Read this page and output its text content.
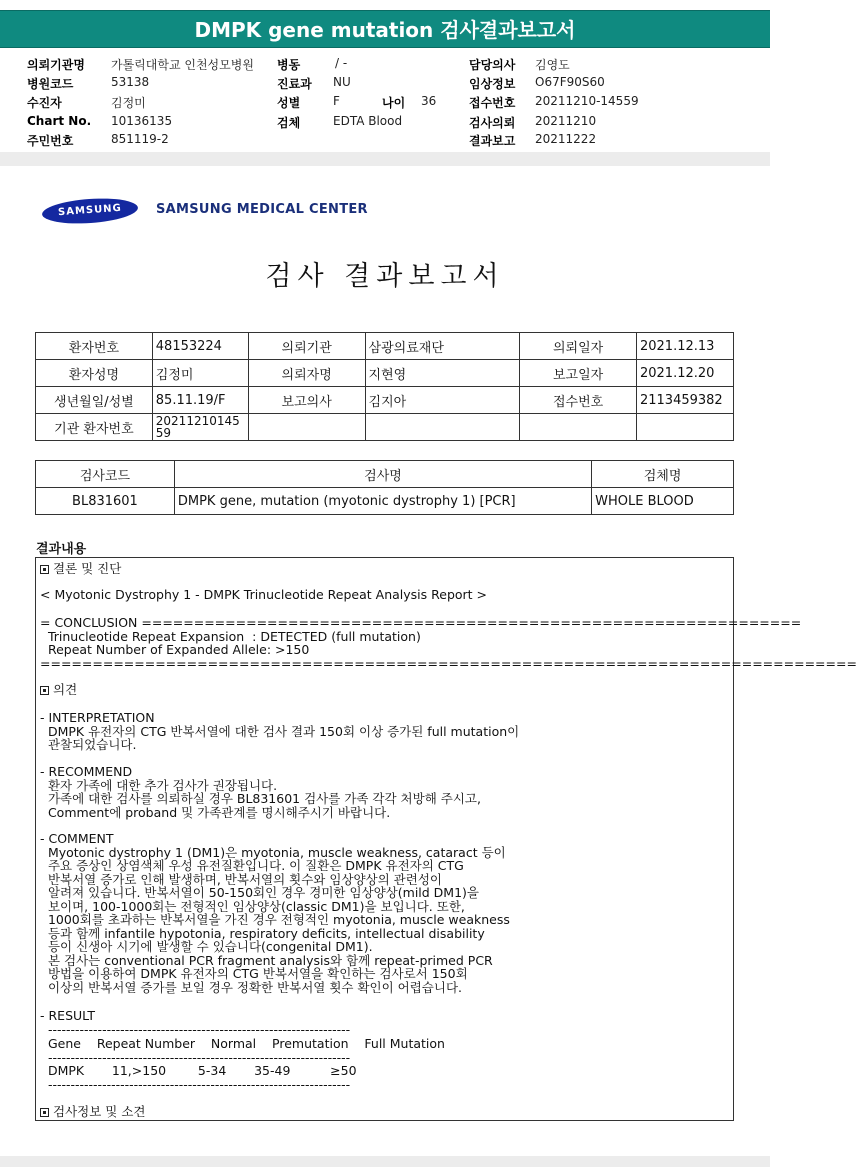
DMPK gene mutation 검사결과보고서
의뢰기관명 가톨릭대학교 인천성모병원 병동	/ -	담당의사 김영도
병원코드	53138	진료과 NU	임상정보 O67F90S60
수진자	김정미	성별	F	나이 36	접수번호 20211210-14559
Chart No. 10136135	검체	EDTA Blood	검사의뢰 20211210
주민번호	851119-2	결과보고 20211222
SAMSUNG	SAMSUNG MEDICAL CENTER
검사 결과보고서
환자번호	48153224	의뢰기관	삼광의료재단	의뢰일자	2021.12.13
환자성명	김정미	의뢰자명	지현영	보고일자	2021.12.20
생년월일/성별	85.11.19/F	보고의사	김지아	접수번호	2113459382
기관 환자번호	20211210145
59				
검사코드	검사명	검체명
BL831601	DMPK gene, mutation (myotonic dystrophy 1) [PCR]	WHOLE BLOOD
결과내용
결론 및 진단
< Myotonic Dystrophy 1 - DMPK Trinucleotide Repeat Analysis Report >
= CONCLUSION ===============================================================
Trinucleotide Repeat Expansion  : DETECTED (full mutation)
Repeat Number of Expanded Allele: >150
==============================================================================
의견
- INTERPRETATION
DMPK 유전자의 CTG 반복서열에 대한 검사 결과 150회 이상 증가된 full mutation이
관찰되었습니다.
- RECOMMEND
환자 가족에 대한 추가 검사가 권장됩니다.
가족에 대한 검사를 의뢰하실 경우 BL831601 검사를 가족 각각 처방해 주시고,
Comment에 proband 및 가족관계를 명시해주시기 바랍니다.
- COMMENT
Myotonic dystrophy 1 (DM1)은 myotonia, muscle weakness, cataract 등이
주요 증상인 상염색체 우성 유전질환입니다. 이 질환은 DMPK 유전자의 CTG
반복서열 증가로 인해 발생하며, 반복서열의 횟수와 임상양상의 관련성이
알려져 있습니다. 반복서열이 50-150회인 경우 경미한 임상양상(mild DM1)을
보이며, 100-1000회는 전형적인 임상양상(classic DM1)을 보입니다. 또한,
1000회를 초과하는 반복서열을 가진 경우 전형적인 myotonia, muscle weakness
등과 함께 infantile hypotonia, respiratory deficits, intellectual disability
등이 신생아 시기에 발생할 수 있습니다(congenital DM1).
본 검사는 conventional PCR fragment analysis와 함께 repeat-primed PCR
방법을 이용하여 DMPK 유전자의 CTG 반복서열을 확인하는 검사로서 150회
이상의 반복서열 증가를 보일 경우 정확한 반복서열 횟수 확인이 어렵습니다.
- RESULT
-------------------------------------------------------------------
Gene    Repeat Number    Normal    Premutation    Full Mutation
-------------------------------------------------------------------
DMPK       11,>150        5-34       35-49          ≥50
-------------------------------------------------------------------
검사정보 및 소견
